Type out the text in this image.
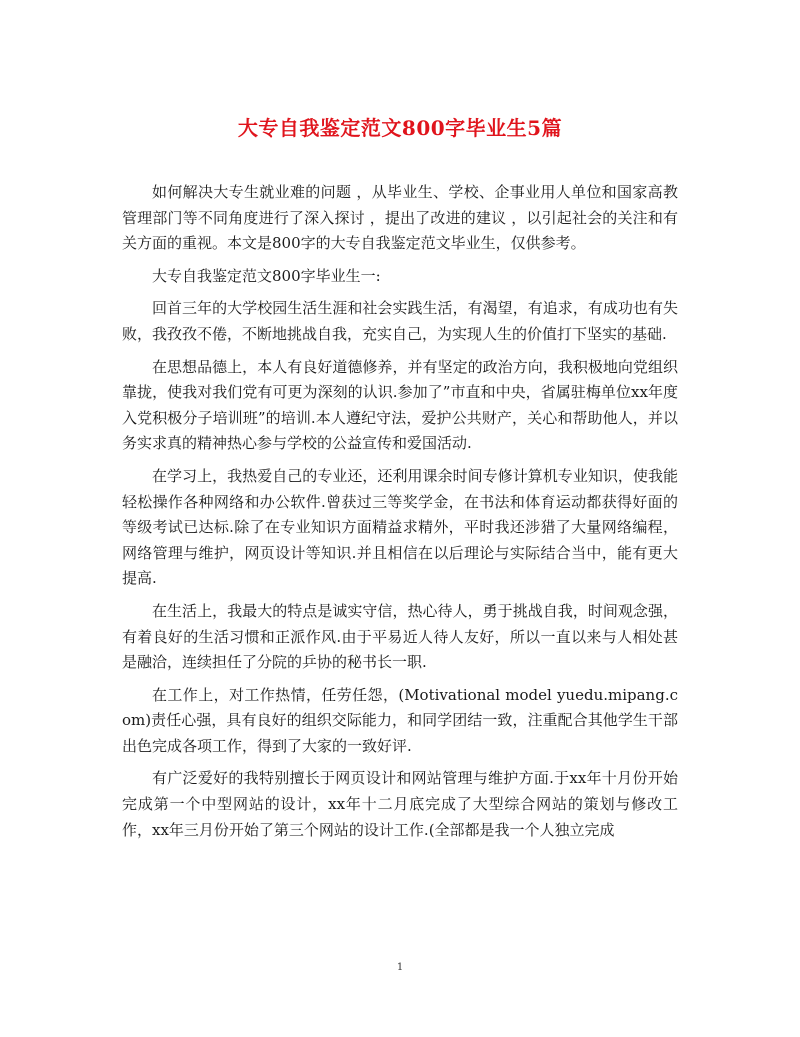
大专自我鉴定范文800字毕业生5篇

如何解决大专生就业难的问题 ，从毕业生、学校、企事业用人单位和国家高教管理部门等不同角度进行了深入探讨 ，提出了改进的建议 ，以引起社会的关注和有关方面的重视。本文是800字的大专自我鉴定范文毕业生，仅供参考。

大专自我鉴定范文800字毕业生一:

回首三年的大学校园生活生涯和社会实践生活，有渴望，有追求，有成功也有失败，我孜孜不倦，不断地挑战自我，充实自己，为实现人生的价值打下坚实的基础.

在思想品德上，本人有良好道德修养，并有坚定的政治方向，我积极地向党组织靠拢，使我对我们党有可更为深刻的认识.参加了”市直和中央，省属驻梅单位xx年度入党积极分子培训班”的培训.本人遵纪守法，爱护公共财产，关心和帮助他人，并以务实求真的精神热心参与学校的公益宣传和爱国活动.

在学习上，我热爱自己的专业还，还利用课余时间专修计算机专业知识，使我能轻松操作各种网络和办公软件.曾获过三等奖学金，在书法和体育运动都获得好面的等级考试已达标.除了在专业知识方面精益求精外，平时我还涉猎了大量网络编程，网络管理与维护，网页设计等知识.并且相信在以后理论与实际结合当中，能有更大提高.

在生活上，我最大的特点是诚实守信，热心待人，勇于挑战自我，时间观念强，有着良好的生活习惯和正派作风.由于平易近人待人友好，所以一直以来与人相处甚是融洽，连续担任了分院的乒协的秘书长一职.

在工作上，对工作热情，任劳任怨，(Motivational model yuedu.mipang.com)责任心强，具有良好的组织交际能力，和同学团结一致，注重配合其他学生干部出色完成各项工作，得到了大家的一致好评.

有广泛爱好的我特别擅长于网页设计和网站管理与维护方面.于xx年十月份开始完成第一个中型网站的设计，xx年十二月底完成了大型综合网站的策划与修改工作，xx年三月份开始了第三个网站的设计工作.(全部都是我一个人独立完成

1
